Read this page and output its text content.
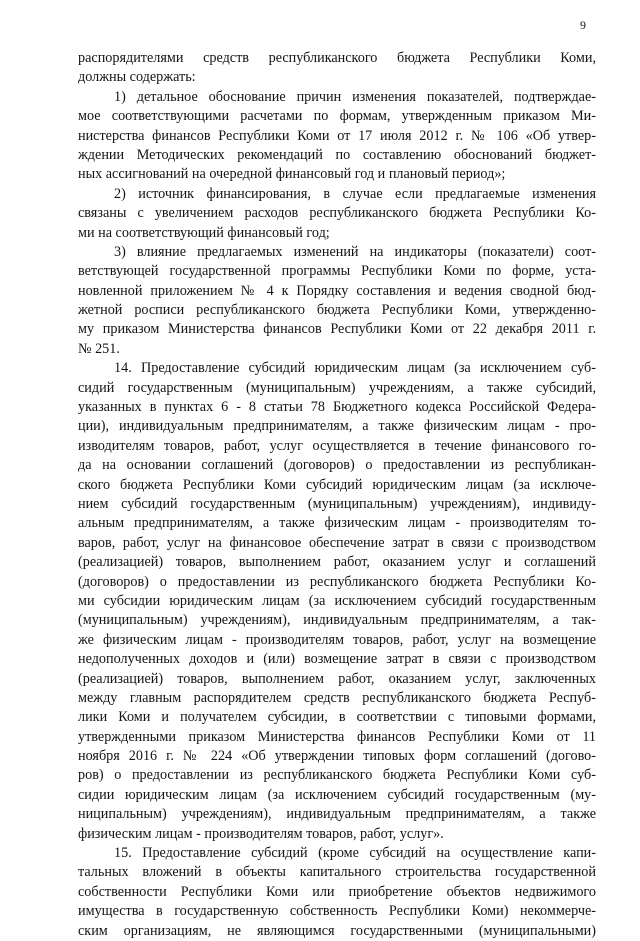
9
распорядителями средств республиканского бюджета Республики Коми,
должны содержать:
1) детальное обоснование причин изменения показателей, подтверждае-
мое соответствующими расчетами по формам, утвержденным приказом Ми-
нистерства финансов Республики Коми от 17 июля 2012 г. № 106 «Об утвер-
ждении Методических рекомендаций по составлению обоснований бюджет-
ных ассигнований на очередной финансовый год и плановый период»;
2) источник финансирования, в случае если предлагаемые изменения
связаны с увеличением расходов республиканского бюджета Республики Ко-
ми на соответствующий финансовый год;
3) влияние предлагаемых изменений на индикаторы (показатели) соот-
ветствующей государственной программы Республики Коми по форме, уста-
новленной приложением № 4 к Порядку составления и ведения сводной бюд-
жетной росписи республиканского бюджета Республики Коми, утвержденно-
му приказом Министерства финансов Республики Коми от 22 декабря 2011 г.
№ 251.
14. Предоставление субсидий юридическим лицам (за исключением суб-
сидий государственным (муниципальным) учреждениям, а также субсидий,
указанных в пунктах 6 - 8 статьи 78 Бюджетного кодекса Российской Федера-
ции), индивидуальным предпринимателям, а также физическим лицам - про-
изводителям товаров, работ, услуг осуществляется в течение финансового го-
да на основании соглашений (договоров) о предоставлении из республикан-
ского бюджета Республики Коми субсидий юридическим лицам (за исключе-
нием субсидий государственным (муниципальным) учреждениям), индивиду-
альным предпринимателям, а также физическим лицам - производителям то-
варов, работ, услуг на финансовое обеспечение затрат в связи с производством
(реализацией) товаров, выполнением работ, оказанием услуг и соглашений
(договоров) о предоставлении из республиканского бюджета Республики Ко-
ми субсидии юридическим лицам (за исключением субсидий государственным
(муниципальным) учреждениям), индивидуальным предпринимателям, а так-
же физическим лицам - производителям товаров, работ, услуг на возмещение
недополученных доходов и (или) возмещение затрат в связи с производством
(реализацией) товаров, выполнением работ, оказанием услуг, заключенных
между главным распорядителем средств республиканского бюджета Респуб-
лики Коми и получателем субсидии, в соответствии с типовыми формами,
утвержденными приказом Министерства финансов Республики Коми от 11
ноября 2016 г. № 224 «Об утверждении типовых форм соглашений (догово-
ров) о предоставлении из республиканского бюджета Республики Коми суб-
сидии юридическим лицам (за исключением субсидий государственным (му-
ниципальным) учреждениям), индивидуальным предпринимателям, а также
физическим лицам - производителям товаров, работ, услуг».
15. Предоставление субсидий (кроме субсидий на осуществление капи-
тальных вложений в объекты капитального строительства государственной
собственности Республики Коми или приобретение объектов недвижимого
имущества в государственную собственность Республики Коми) некоммерче-
ским организациям, не являющимся государственными (муниципальными)
